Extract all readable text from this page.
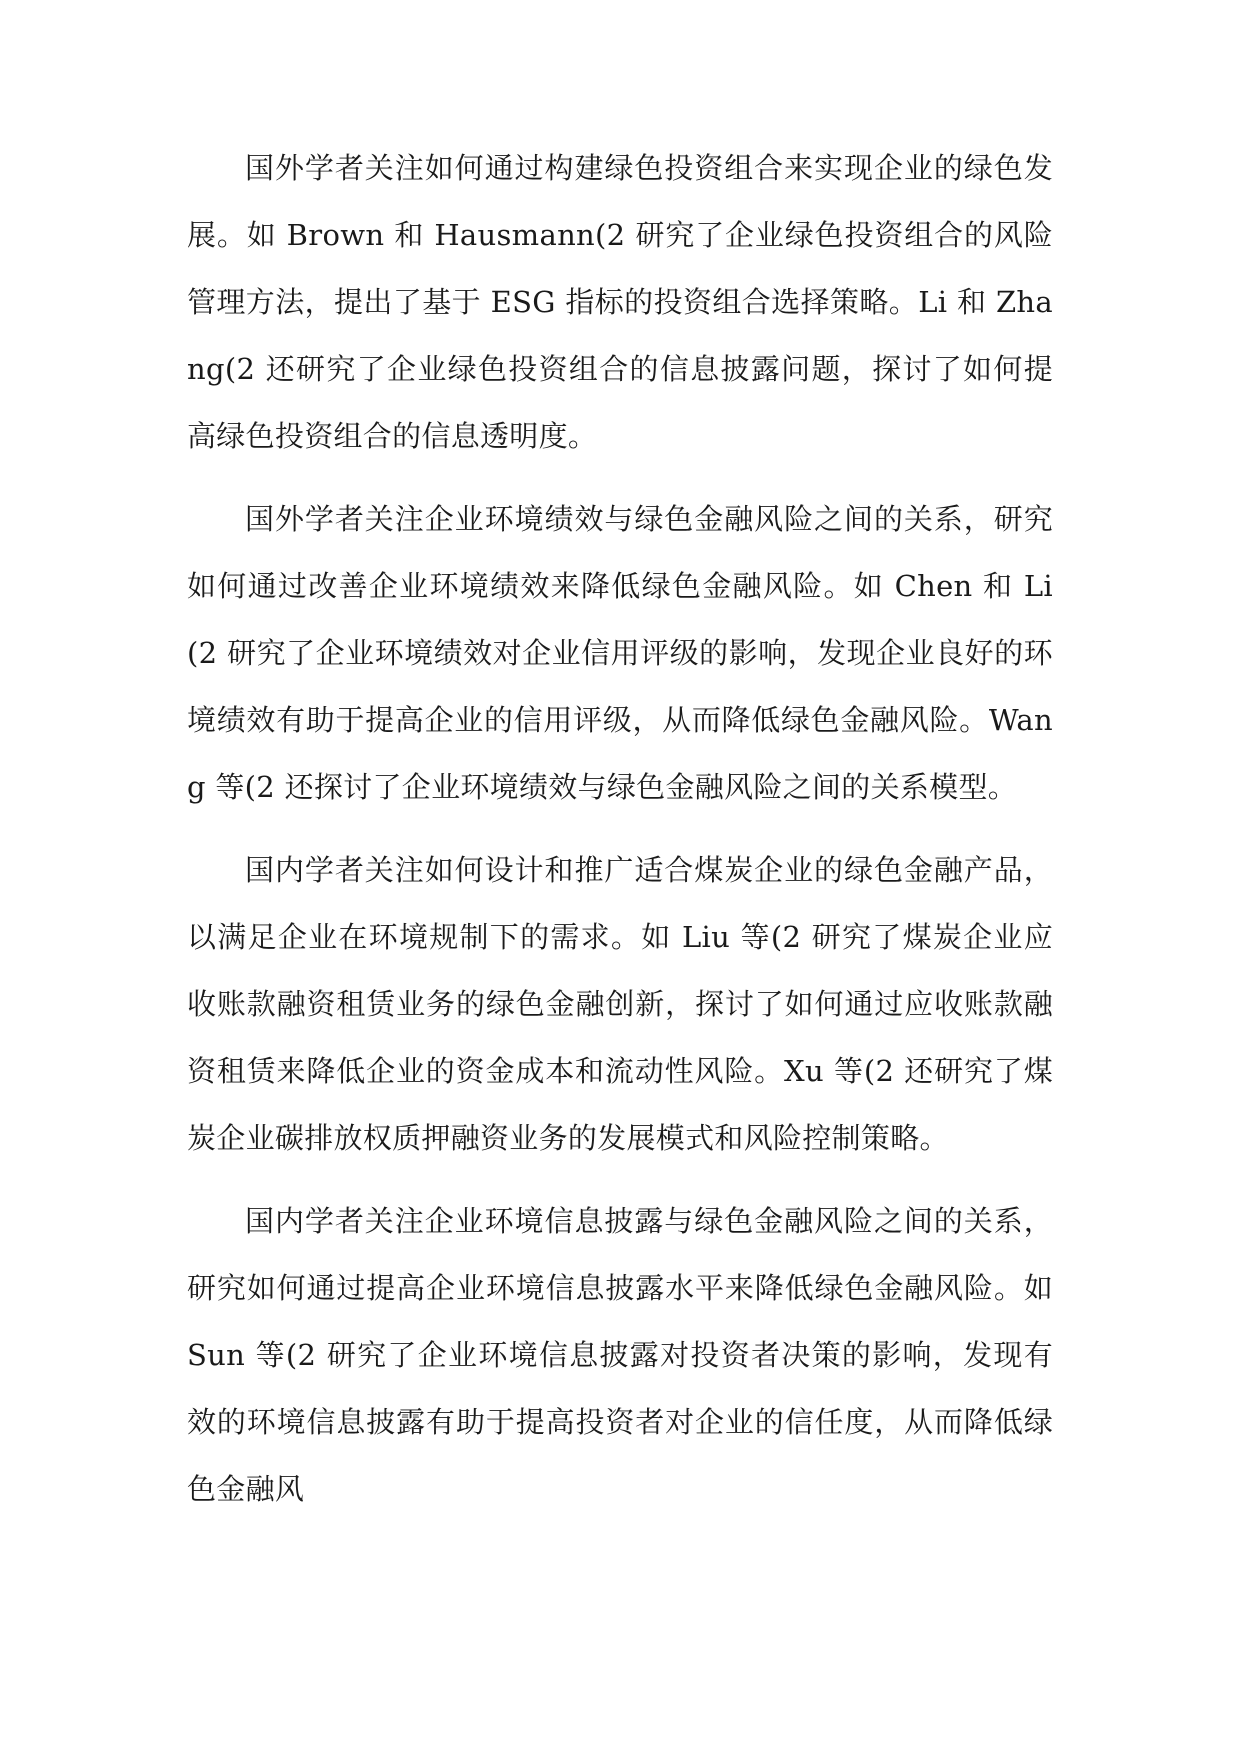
国外学者关注如何通过构建绿色投资组合来实现企业的绿色发展。如 Brown 和 Hausmann(2 研究了企业绿色投资组合的风险管理方法，提出了基于 ESG 指标的投资组合选择策略。Li 和 Zhang(2 还研究了企业绿色投资组合的信息披露问题，探讨了如何提高绿色投资组合的信息透明度。

国外学者关注企业环境绩效与绿色金融风险之间的关系，研究如何通过改善企业环境绩效来降低绿色金融风险。如 Chen 和 Li(2 研究了企业环境绩效对企业信用评级的影响，发现企业良好的环境绩效有助于提高企业的信用评级，从而降低绿色金融风险。Wang 等(2 还探讨了企业环境绩效与绿色金融风险之间的关系模型。

国内学者关注如何设计和推广适合煤炭企业的绿色金融产品，以满足企业在环境规制下的需求。如 Liu 等(2 研究了煤炭企业应收账款融资租赁业务的绿色金融创新，探讨了如何通过应收账款融资租赁来降低企业的资金成本和流动性风险。Xu 等(2 还研究了煤炭企业碳排放权质押融资业务的发展模式和风险控制策略。

国内学者关注企业环境信息披露与绿色金融风险之间的关系，研究如何通过提高企业环境信息披露水平来降低绿色金融风险。如 Sun 等(2 研究了企业环境信息披露对投资者决策的影响，发现有效的环境信息披露有助于提高投资者对企业的信任度，从而降低绿色金融风
